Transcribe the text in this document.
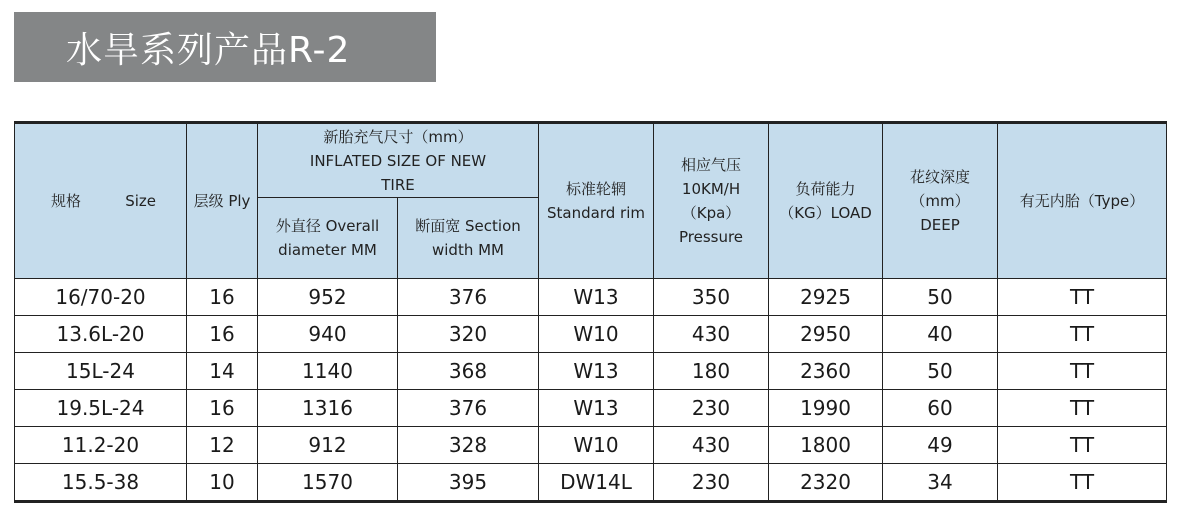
水旱系列产品R-2
规格 Size	层级 Ply	新胎充气尺寸（mm） INFLATED SIZE OF NEW TIRE		标准轮辋 Standard rim	相应气压 10KM/H （Kpa） Pressure	负荷能力 （KG）LOAD	花纹深度 （mm）DEEP	有无内胎（Type）
		外直径 Overall diameter MM	断面宽 Section width MM					
16/70-20	16	952	376	W13	350	2925	50	TT
13.6L-20	16	940	320	W10	430	2950	40	TT
15L-24	14	1140	368	W13	180	2360	50	TT
19.5L-24	16	1316	376	W13	230	1990	60	TT
11.2-20	12	912	328	W10	430	1800	49	TT
15.5-38	10	1570	395	DW14L	230	2320	34	TT
